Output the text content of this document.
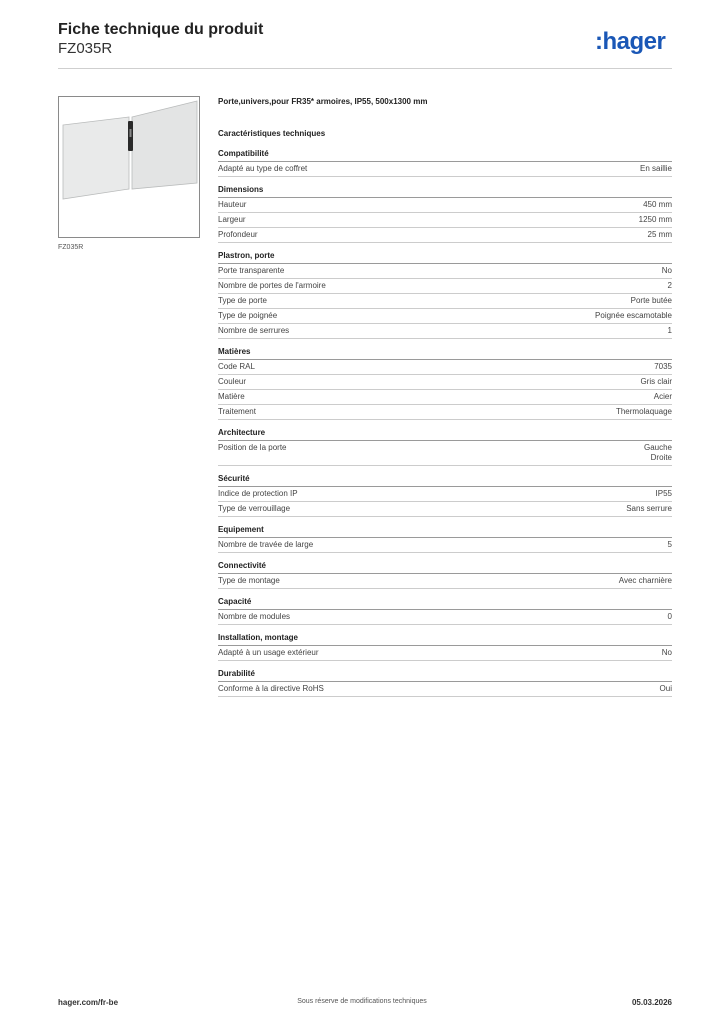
Fiche technique du produit
FZ035R	:hager
FZ035R
Porte,univers,pour FR35* armoires, IP55, 500x1300 mm
Caractéristiques techniques
Compatibilité
Adapté au type de coffret	En saillie
Dimensions
Hauteur	450 mm
Largeur	1250 mm
Profondeur	25 mm
Plastron, porte
Porte transparente	No
Nombre de portes de l'armoire	2
Type de porte	Porte butée
Type de poignée	Poignée escamotable
Nombre de serrures	1
Matières
Code RAL	7035
Couleur	Gris clair
Matière	Acier
Traitement	Thermolaquage
Architecture
Position de la porte	Gauche
Droite
Sécurité
Indice de protection IP	IP55
Type de verrouillage	Sans serrure
Equipement
Nombre de travée de large	5
Connectivité
Type de montage	Avec charnière
Capacité
Nombre de modules	0
Installation, montage
Adapté à un usage extérieur	No
Durabilité
Conforme à la directive RoHS	Oui
hager.com/fr-be	Sous réserve de modifications techniques	05.03.2026
